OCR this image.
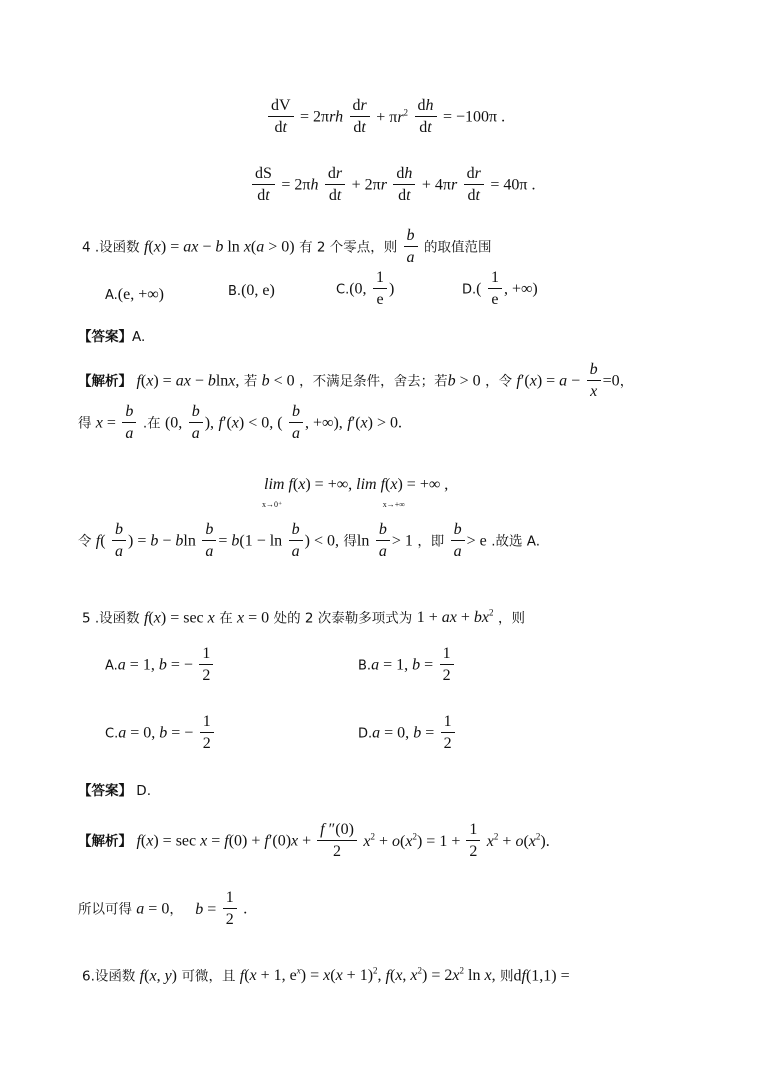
$\frac{dV}{dt} = 2\pi rh \frac{dr}{dt} + \pi r^2 \frac{dh}{dt} = -100\pi$ .
$\frac{dS}{dt} = 2\pi h \frac{dr}{dt} + 2\pi r \frac{dh}{dt} + 4\pi r \frac{dr}{dt} = 40\pi$ .
4 .设函数 f(x) = ax − b ln x(a > 0) 有 2 个零点，则 $\frac{b}{a}$ 的取值范围
A.(e, +∞)	B.(0, e)	C.(0, $\frac{1}{e}$ )	$D.( \frac{1}{e}$ , +∞)
【答案】A.
【解析】 f(x) = ax − blnx, 若 b < 0 ，不满足条件，舍去；若b > 0 ，令 $f'(x) = a - \frac{b}{x} =0$，
得 $x = \frac{b}{a}$ .在 (0, $\frac{b}{a}$ ), f′(x) < 0, ( $\frac{b}{a}$ , +∞), f′(x) > 0.
lim f(x) = +∞, lim f(x) = +∞ ,
x→0⁺	x→+∞
令 $f( \frac{b}{a}$ ) = b − bln $\frac{b}{a} = b(1 - \ln \frac{b}{a}$ ) < 0, 得$\ln \frac{b}{a} > 1$ ，即 $\frac{b}{a} > e$ .故选 A.
5 .设函数 f(x) = sec x 在 x = 0 处的 2 次泰勒多项式为 1 + ax + $bx^2$ ，则
A.a = 1, b = − $\frac{1}{2}$	B.a = 1, $b = \frac{1}{2}$
C.a = 0, b = − $\frac{1}{2}$	D.a = 0, $b = \frac{1}{2}$
【答案】 D.
【解析】 $f(x) = \sec x = f(0) + f'(0)x + \frac{f ''(0)}{2} x^2 + o(x^2) = 1 + \frac{1}{2} x^2 + o(x^2)$.
所以可得 a = 0， $b = \frac{1}{2}$ .
6.设函数 f(x, y) 可微，且 f(x + 1, $e^x) = x(x + 1)^2$, f(x, $x^2) = 2x^2$ ln x, 则df(1,1) =
